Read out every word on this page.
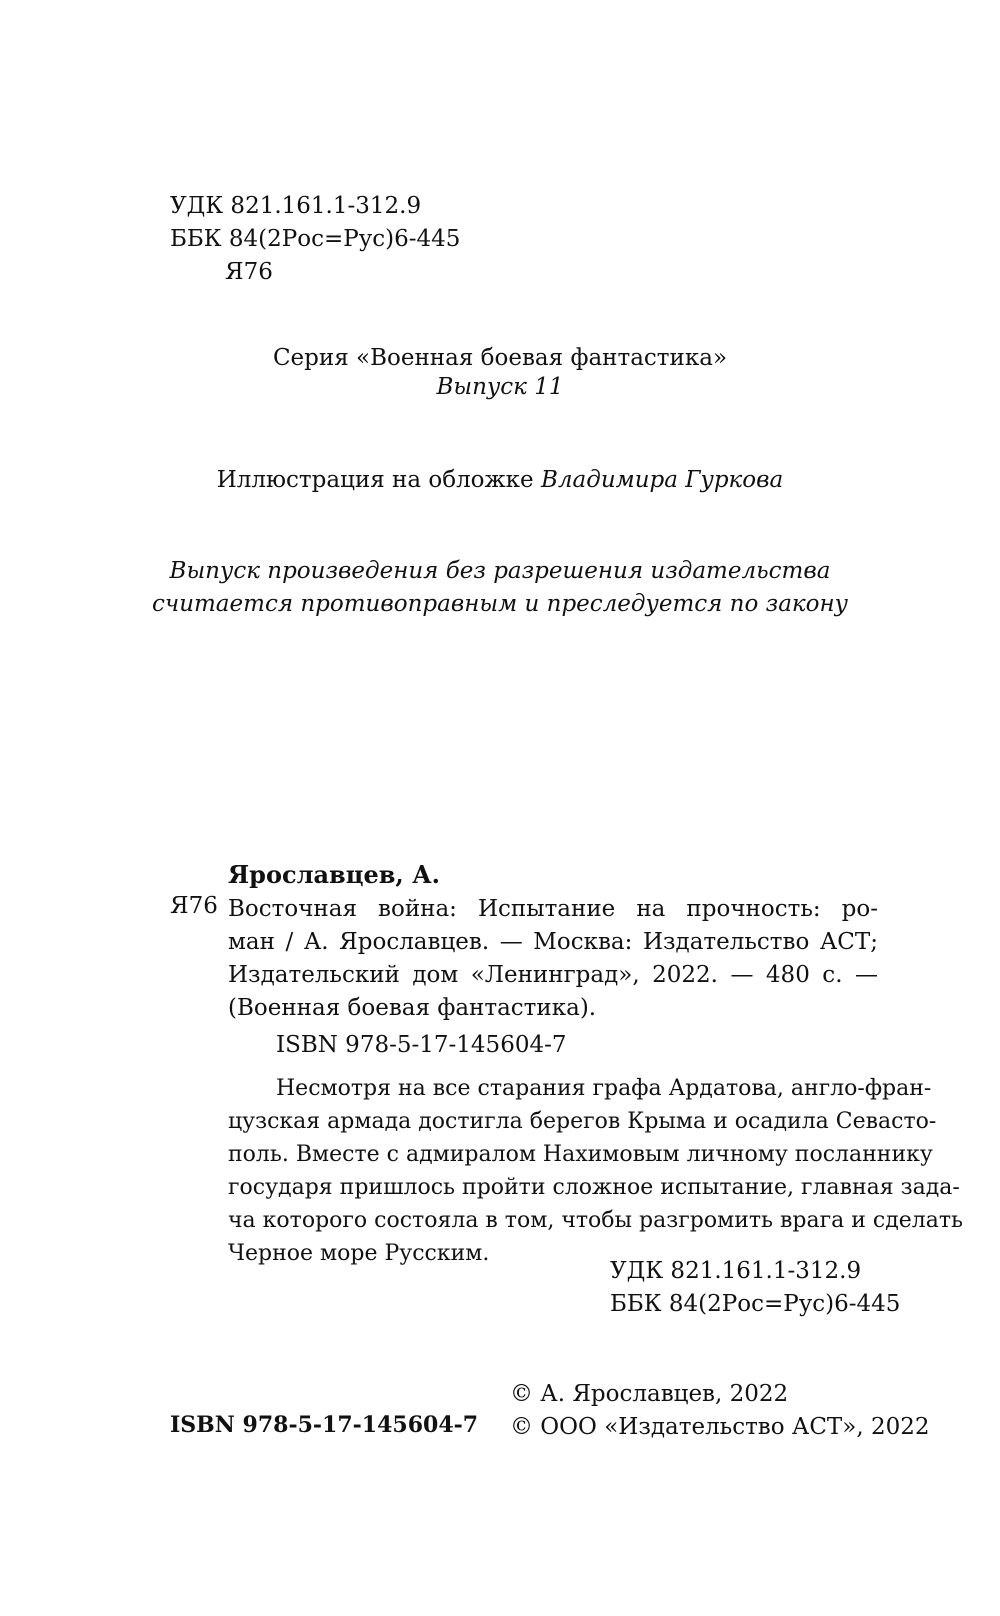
УДК 821.161.1-312.9
ББК 84(2Рос=Рус)6-445
Я76
Серия «Военная боевая фантастика»
Выпуск 11
Иллюстрация на обложке Владимира Гуркова
Выпуск произведения без разрешения издательства
считается противоправным и преследуется по закону
Ярославцев, А.
Я76 Восточная война: Испытание на прочность: ро-
ман / А. Ярославцев. — Москва: Издательство АСТ;
Издательский дом «Ленинград», 2022. — 480 с. —
(Военная боевая фантастика).
ISBN 978-5-17-145604-7
Несмотря на все старания графа Ардатова, англо-фран-
цузская армада достигла берегов Крыма и осадила Севасто-
поль. Вместе с адмиралом Нахимовым личному посланнику
государя пришлось пройти сложное испытание, главная зада-
ча которого состояла в том, чтобы разгромить врага и сделать
Черное море Русским.
УДК 821.161.1-312.9
ББК 84(2Рос=Рус)6-445
ISBN 978-5-17-145604-7
© А. Ярославцев, 2022
© ООО «Издательство АСТ», 2022
